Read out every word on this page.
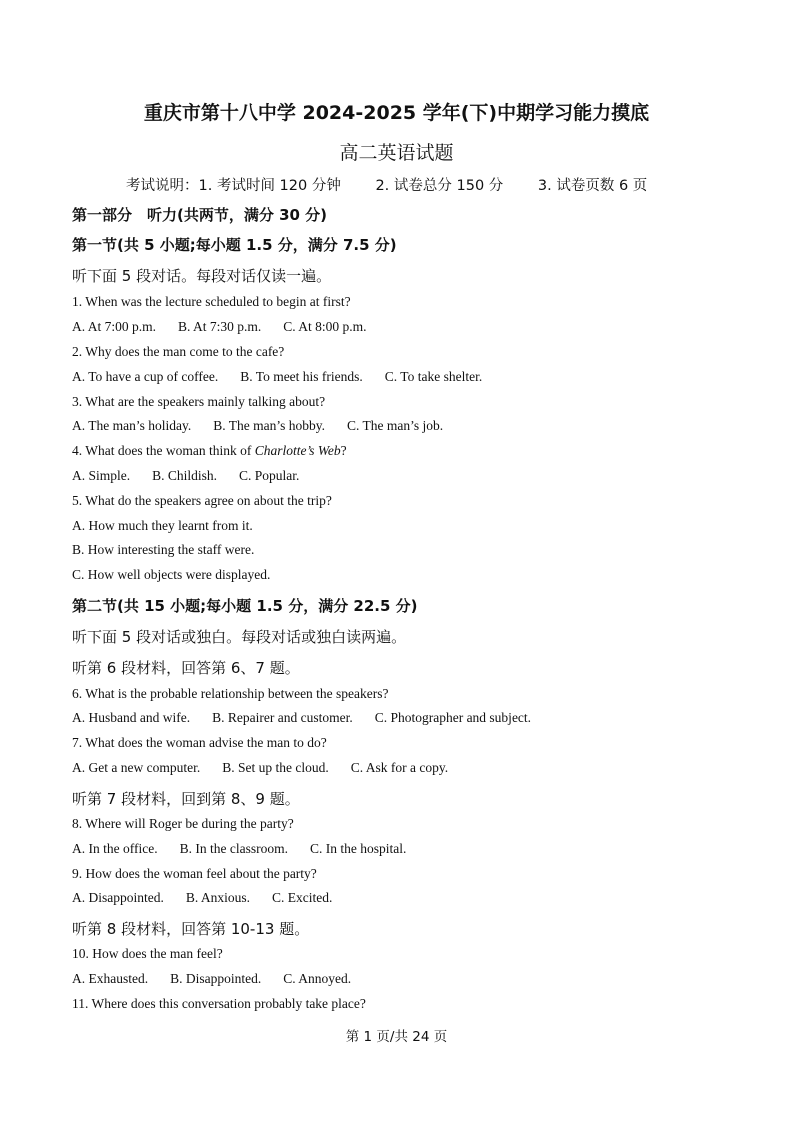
重庆市第十八中学 2024-2025 学年(下)中期学习能力摸底
高二英语试题
考试说明：1. 考试时间 120 分钟 2. 试卷总分 150 分 3. 试卷页数 6 页
第一部分　听力(共两节，满分 30 分)
第一节(共 5 小题;每小题 1.5 分，满分 7.5 分)
听下面 5 段对话。每段对话仅读一遍。
1. When was the lecture scheduled to begin at first?
A. At 7:00 p.m. B. At 7:30 p.m. C. At 8:00 p.m.
2. Why does the man come to the cafe?
A. To have a cup of coffee. B. To meet his friends. C. To take shelter.
3. What are the speakers mainly talking about?
A. The man’s holiday. B. The man’s hobby. C. The man’s job.
4. What does the woman think of Charlotte’s Web?
A. Simple. B. Childish. C. Popular.
5. What do the speakers agree on about the trip?
A. How much they learnt from it.
B. How interesting the staff were.
C. How well objects were displayed.
第二节(共 15 小题;每小题 1.5 分，满分 22.5 分)
听下面 5 段对话或独白。每段对话或独白读两遍。
听第 6 段材料，回答第 6、7 题。
6. What is the probable relationship between the speakers?
A. Husband and wife. B. Repairer and customer. C. Photographer and subject.
7. What does the woman advise the man to do?
A. Get a new computer. B. Set up the cloud. C. Ask for a copy.
听第 7 段材料，回到第 8、9 题。
8. Where will Roger be during the party?
A. In the office. B. In the classroom. C. In the hospital.
9. How does the woman feel about the party?
A. Disappointed. B. Anxious. C. Excited.
听第 8 段材料，回答第 10-13 题。
10. How does the man feel?
A. Exhausted. B. Disappointed. C. Annoyed.
11. Where does this conversation probably take place?
第 1 页/共 24 页
